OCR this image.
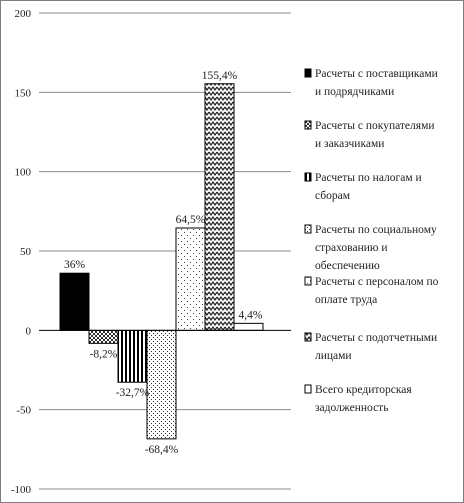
-100
-50
0
50
100
150
200
36%
-8,2%
-32,7%
-68,4%
64,5%
155,4%
4,4%
Расчеты с поставщиками и подрядчиками
Расчеты с покупателями и заказчиками
Расчеты по налогам и сборам
Расчеты по социальному страхованию и обеспечению
Расчеты с персоналом по оплате труда
Расчеты с подотчетными лицами
Всего кредиторская задолженность
